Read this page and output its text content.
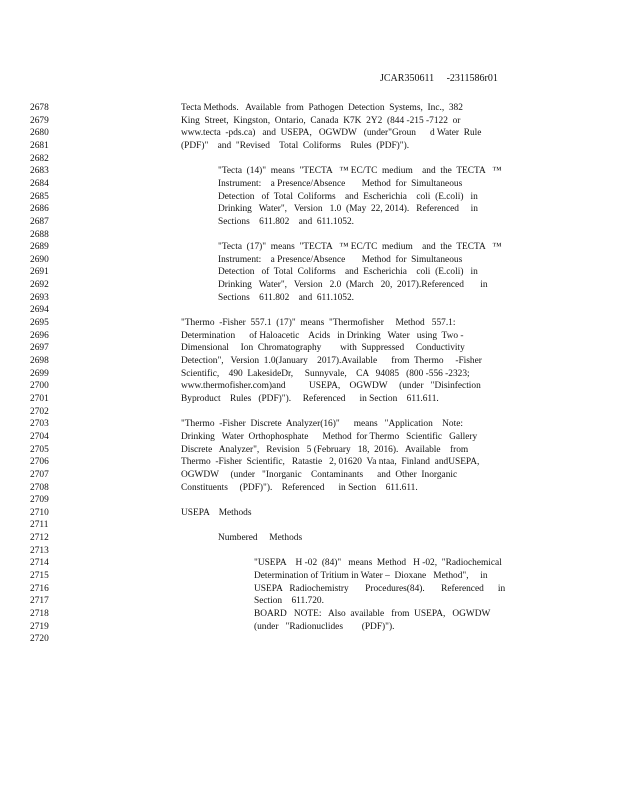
JCAR350611     -2311586r01
2678	Tecta Methods.   Available  from  Pathogen  Detection  Systems,  Inc.,  382
2679	King  Street,  Kingston,  Ontario,  Canada  K7K  2Y2  (844 -215 -7122  or
2680	www.tecta  -pds.ca)   and  USEPA,   OGWDW   (under"Groun      d Water  Rule
2681	(PDF)"    and  "Revised    Total  Coliforms    Rules  (PDF)").
2682
2683	"Tecta  (14)"  means  "TECTA   ™ EC/TC  medium    and  the  TECTA   ™
2684	Instrument:    a Presence/Absence       Method  for  Simultaneous
2685	Detection   of  Total  Coliforms    and  Escherichia    coli  (E.coli)   in
2686	Drinking   Water",   Version   1.0  (May  22, 2014).   Referenced     in
2687	Sections    611.802    and  611.1052.
2688
2689	"Tecta  (17)"  means  "TECTA   ™ EC/TC  medium    and  the  TECTA   ™
2690	Instrument:    a Presence/Absence       Method  for  Simultaneous
2691	Detection   of  Total  Coliforms    and  Escherichia    coli  (E.coli)   in
2692	Drinking   Water",   Version   2.0  (March   20,  2017).Referenced       in
2693	Sections    611.802    and  611.1052.
2694
2695	"Thermo  -Fisher  557.1  (17)"  means  "Thermofisher     Method   557.1:
2696	Determination      of Haloacetic    Acids   in Drinking   Water   using  Two -
2697	Dimensional     Ion  Chromatography        with  Suppressed     Conductivity
2698	Detection",   Version  1.0(January    2017).Available      from  Thermo     -Fisher
2699	Scientific,    490  LakesideDr,     Sunnyvale,    CA   94085   (800 -556 -2323;
2700	www.thermofisher.com)and          USEPA,    OGWDW     (under   "Disinfection
2701	Byproduct    Rules   (PDF)").     Referenced      in Section    611.611.
2702
2703	"Thermo  -Fisher  Discrete  Analyzer(16)"      means   "Application    Note:
2704	Drinking   Water  Orthophosphate      Method  for Thermo   Scientific   Gallery
2705	Discrete   Analyzer",   Revision   5 (February   18,  2016).   Available    from
2706	Thermo  -Fisher  Scientific,   Ratastie   2, 01620  Va ntaa,  Finland  andUSEPA,
2707	OGWDW     (under   "Inorganic    Contaminants      and  Other  Inorganic
2708	Constituents     (PDF)").    Referenced      in Section    611.611.
2709
2710	USEPA    Methods
2711
2712	Numbered     Methods
2713
2714	"USEPA    H -02  (84)"   means  Method   H -02,  "Radiochemical
2715	Determination of Tritium in Water –  Dioxane   Method",     in
2716	USEPA   Radiochemistry       Procedures(84).       Referenced      in
2717	Section    611.720.
2718	BOARD   NOTE:   Also  available   from  USEPA,   OGWDW
2719	(under   "Radionuclides        (PDF)").
2720
